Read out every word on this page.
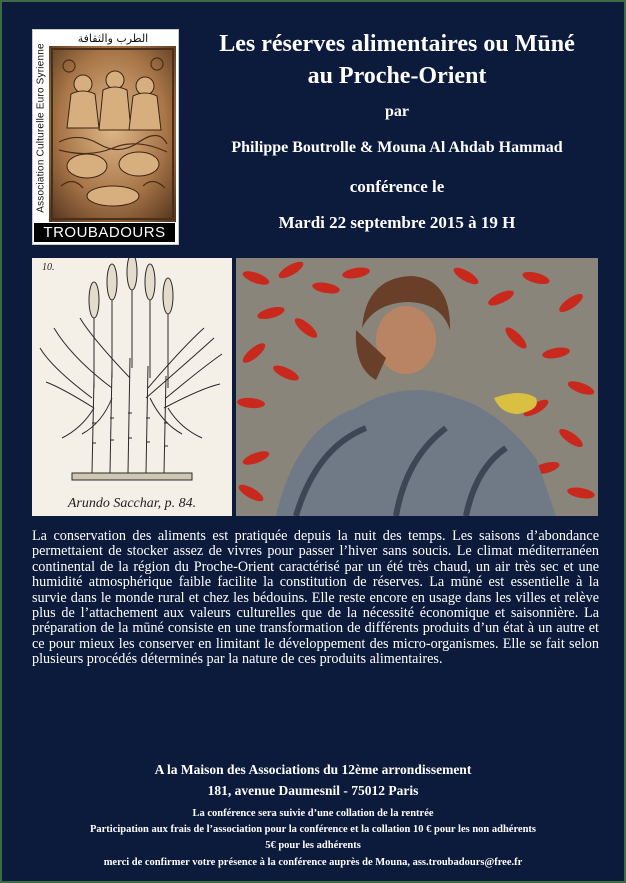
Association Culturelle Euro Syrienne
الطرب والثقافة
TROUBADOURS
Les réserves alimentaires ou Mūné
au Proche-Orient
par
Philippe Boutrolle & Mouna Al Ahdab Hammad
conférence le
Mardi 22 septembre 2015 à 19 H
10.
Arundo Sacchar, p. 84.
La conservation des aliments est pratiquée depuis la nuit des temps. Les saisons d’abondance permettaient de stocker assez de vivres pour passer l’hiver sans soucis. Le climat méditerranéen continental de la région du Proche-Orient caractérisé par un été très chaud, un air très sec et une humidité atmosphérique faible facilite la constitution de réserves. La mūné est essentielle à la survie dans le monde rural et chez les bédouins. Elle reste encore en usage dans les villes et relève plus de l’attachement aux valeurs culturelles que de la nécessité économique et saisonnière. La préparation de la mūné consiste en une transformation de différents produits d’un état à un autre et ce pour mieux les conserver en limitant le développement des micro-organismes. Elle se fait selon plusieurs procédés déterminés par la nature de ces produits alimentaires.
A la Maison des Associations du 12ème arrondissement
181, avenue Daumesnil - 75012 Paris
La conférence sera suivie d’une collation de la rentrée
Participation aux frais de l’association pour la conférence et la collation 10 € pour les non adhérents
5€ pour les adhérents
merci de confirmer votre présence à la conférence auprès de Mouna, ass.troubadours@free.fr
